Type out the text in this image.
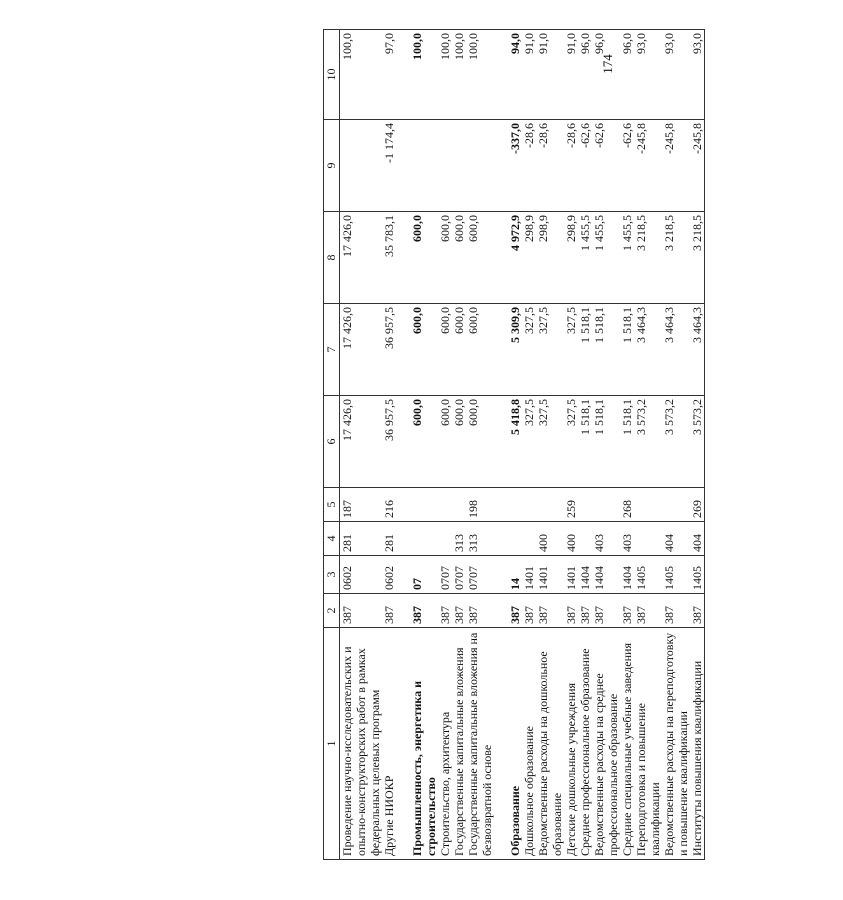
174
1	2	3	4	5	6	7	8	9	10
Проведение научно-исследовательских и опытно-конструкторских работ в рамках федеральных целевых программ	387	0602	281	187	17 426,0	17 426,0	17 426,0		100,0
Другие НИОКР	387	0602	281	216	36 957,5	36 957,5	35 783,1	-1 174,4	97,0

Промышленность, энергетика и строительство	387	07			600,0	600,0	600,0		100,0
Строительство, архитектура	387	0707			600,0	600,0	600,0		100,0
Государственные капитальные вложения	387	0707	313		600,0	600,0	600,0		100,0
Государственные капитальные вложения на безвозвратной основе	387	0707	313	198	600,0	600,0	600,0		100,0

Образование	387	14			5 418,8	5 309,9	4 972,9	-337,0	94,0
Дошкольное образование	387	1401			327,5	327,5	298,9	-28,6	91,0
Ведомственные расходы на дошкольное образование	387	1401	400		327,5	327,5	298,9	-28,6	91,0
Детские дошкольные учреждения	387	1401	400	259	327,5	327,5	298,9	-28,6	91,0
Среднее профессиональное образование	387	1404			1 518,1	1 518,1	1 455,5	-62,6	96,0
Ведомственные расходы на среднее профессиональное образование	387	1404	403		1 518,1	1 518,1	1 455,5	-62,6	96,0
Средние специальные учебные заведения	387	1404	403	268	1 518,1	1 518,1	1 455,5	-62,6	96,0
Переподготовка и повышение квалификации	387	1405			3 573,2	3 464,3	3 218,5	-245,8	93,0
Ведомственные расходы на переподготовку и повышение квалификации	387	1405	404		3 573,2	3 464,3	3 218,5	-245,8	93,0
Институты повышения квалификации	387	1405	404	269	3 573,2	3 464,3	3 218,5	-245,8	93,0
